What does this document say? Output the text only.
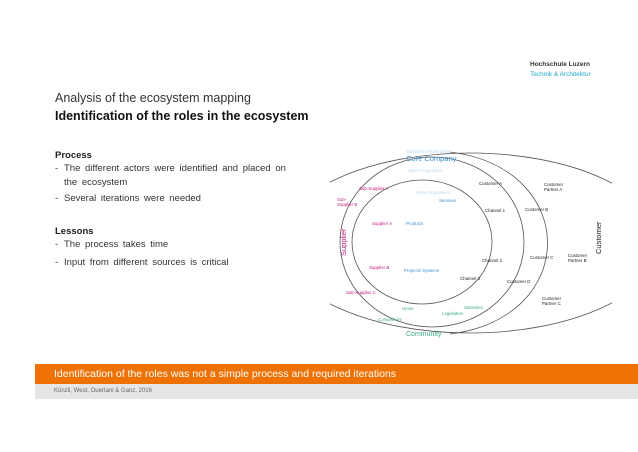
Hochschule Luzern
Technik & Architektur
Analysis of the ecosystem mapping
Identification of the roles in the ecosystem
Process
- The different actors were identified and placed on
the ecosystem
- Several iterations were needed
Lessons
- The process takes time
- Input from different sources is critical
Core Company
Business Infrastructure
Value Proposition
Value Proposition
Supplier	Customer
Community
Sub-Supplier A
Sub-
Supplier B
Sub-Supplier C
Supplier A
Supplier B
Products
Services
Projects/ Systems
Channel 1
Channel 2
Channel 3
Customer A
Customer B
Customer C
Customer D
Customer
Partner A
Customer
Partner B
Customer
Partner C
Union	Subsidies
Legislation
Competitors
Identification of the roles was not a simple process and required iterations
Künzli, West, Ouertani & Ganz, 2016
